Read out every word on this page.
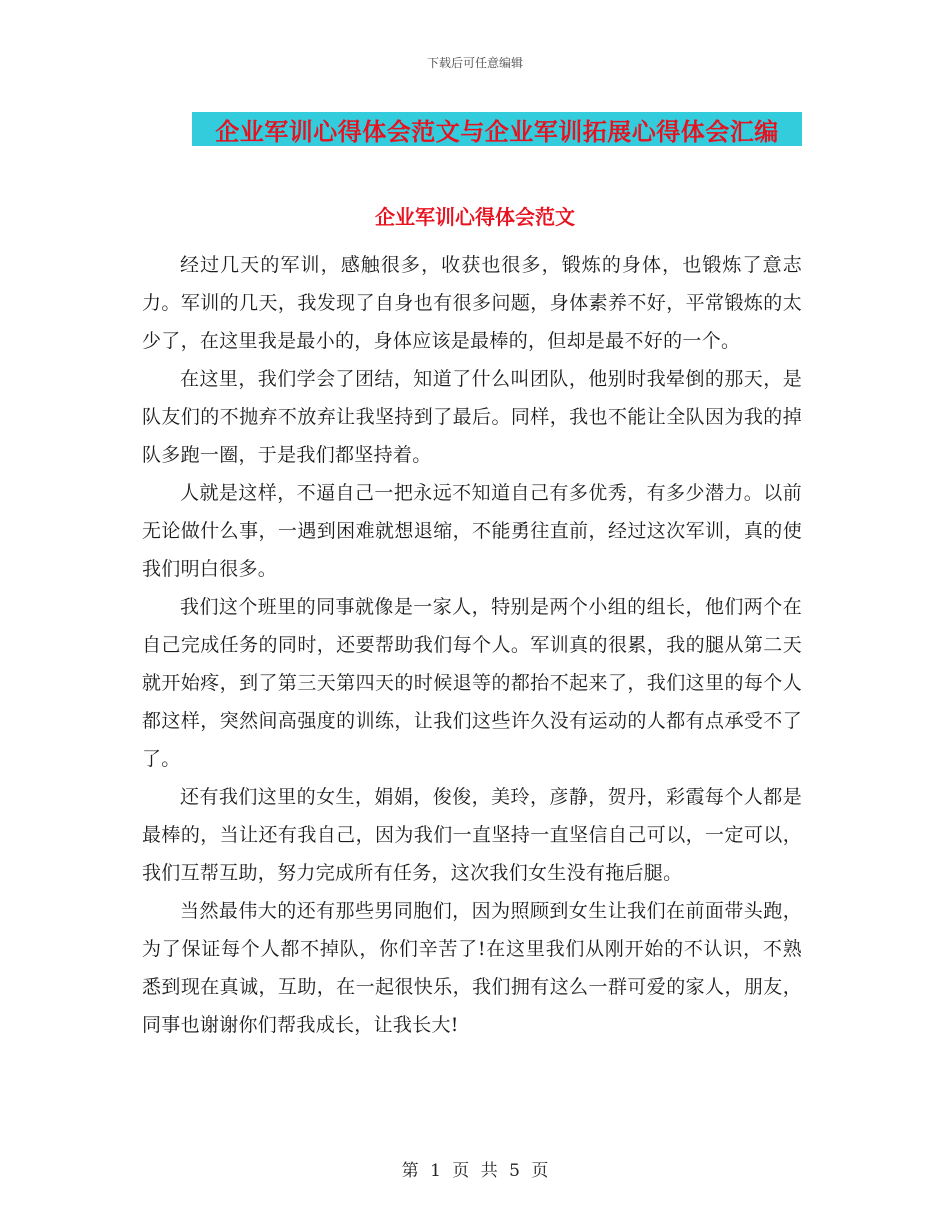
下载后可任意编辑
企业军训心得体会范文与企业军训拓展心得体会汇编
企业军训心得体会范文

经过几天的军训，感触很多，收获也很多，锻炼的身体，也锻炼了意志力。军训的几天，我发现了自身也有很多问题，身体素养不好，平常锻炼的太少了，在这里我是最小的，身体应该是最棒的，但却是最不好的一个。

在这里，我们学会了团结，知道了什么叫团队，他别时我晕倒的那天，是队友们的不抛弃不放弃让我坚持到了最后。同样，我也不能让全队因为我的掉队多跑一圈，于是我们都坚持着。

人就是这样，不逼自己一把永远不知道自己有多优秀，有多少潜力。以前无论做什么事，一遇到困难就想退缩，不能勇往直前，经过这次军训，真的使我们明白很多。

我们这个班里的同事就像是一家人，特别是两个小组的组长，他们两个在自己完成任务的同时，还要帮助我们每个人。军训真的很累，我的腿从第二天就开始疼，到了第三天第四天的时候退等的都抬不起来了，我们这里的每个人都这样，突然间高强度的训练，让我们这些许久没有运动的人都有点承受不了了。

还有我们这里的女生，娟娟，俊俊，美玲，彦静，贺丹，彩霞每个人都是最棒的，当让还有我自己，因为我们一直坚持一直坚信自己可以，一定可以，我们互帮互助，努力完成所有任务，这次我们女生没有拖后腿。

当然最伟大的还有那些男同胞们，因为照顾到女生让我们在前面带头跑，为了保证每个人都不掉队，你们辛苦了!在这里我们从刚开始的不认识，不熟悉到现在真诚，互助，在一起很快乐，我们拥有这么一群可爱的家人，朋友，同事也谢谢你们帮我成长，让我长大!

第 1 页 共 5 页
